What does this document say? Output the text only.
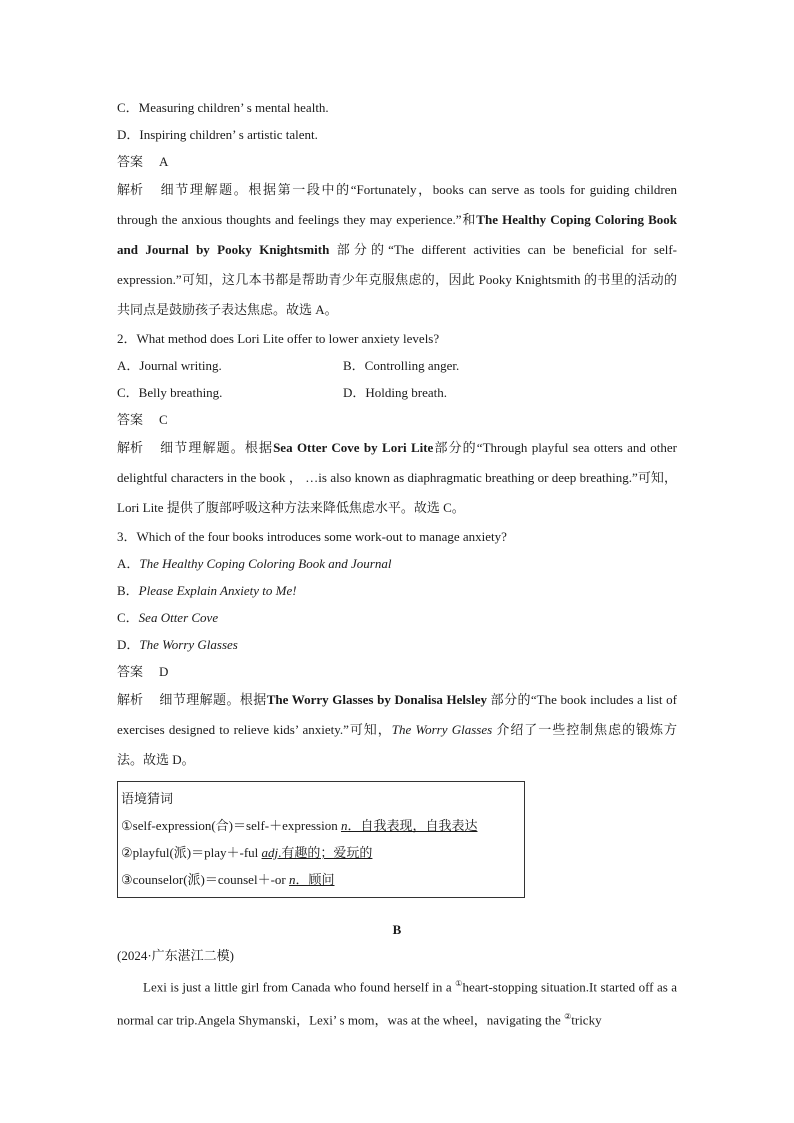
C．Measuring children’ s mental health.
D．Inspiring children’ s artistic talent.
答案 A
解析 细节理解题。根据第一段中的“Fortunately，books can serve as tools for guiding children through the anxious thoughts and feelings they may experience.”和The Healthy Coping Coloring Book and Journal by Pooky Knightsmith 部分的“The different activities can be beneficial for self-expression.”可知，这几本书都是帮助青少年克服焦虑的，因此 Pooky Knightsmith 的书里的活动的共同点是鼓励孩子表达焦虑。故选 A。
2．What method does Lori Lite offer to lower anxiety levels?
A．Journal writing.	B．Controlling anger.
C．Belly breathing.	D．Holding breath.
答案 C
解析 细节理解题。根据Sea Otter Cove by Lori Lite部分的“Through playful sea otters and other delightful characters in the book ， …is also known as diaphragmatic breathing or deep breathing.”可知，Lori Lite 提供了腹部呼吸这种方法来降低焦虑水平。故选 C。
3．Which of the four books introduces some work-out to manage anxiety?
A．The Healthy Coping Coloring Book and Journal
B．Please Explain Anxiety to Me!
C．Sea Otter Cove
D．The Worry Glasses
答案 D
解析 细节理解题。根据The Worry Glasses by Donalisa Helsley 部分的“The book includes a list of exercises designed to relieve kids’ anxiety.”可知，The Worry Glasses 介绍了一些控制焦虑的锻炼方法。故选 D。
语境猜词
①self-expression(合)＝self-＋expression n．自我表现，自我表达
②playful(派)＝play＋-ful adj.有趣的；爱玩的
③counselor(派)＝counsel＋-or n．顾问
B
(2024·广东湛江二模)
Lexi is just a little girl from Canada who found herself in a ①heart-stopping situation.It started off as a normal car trip.Angela Shymanski，Lexi’ s mom，was at the wheel，navigating the ②tricky
